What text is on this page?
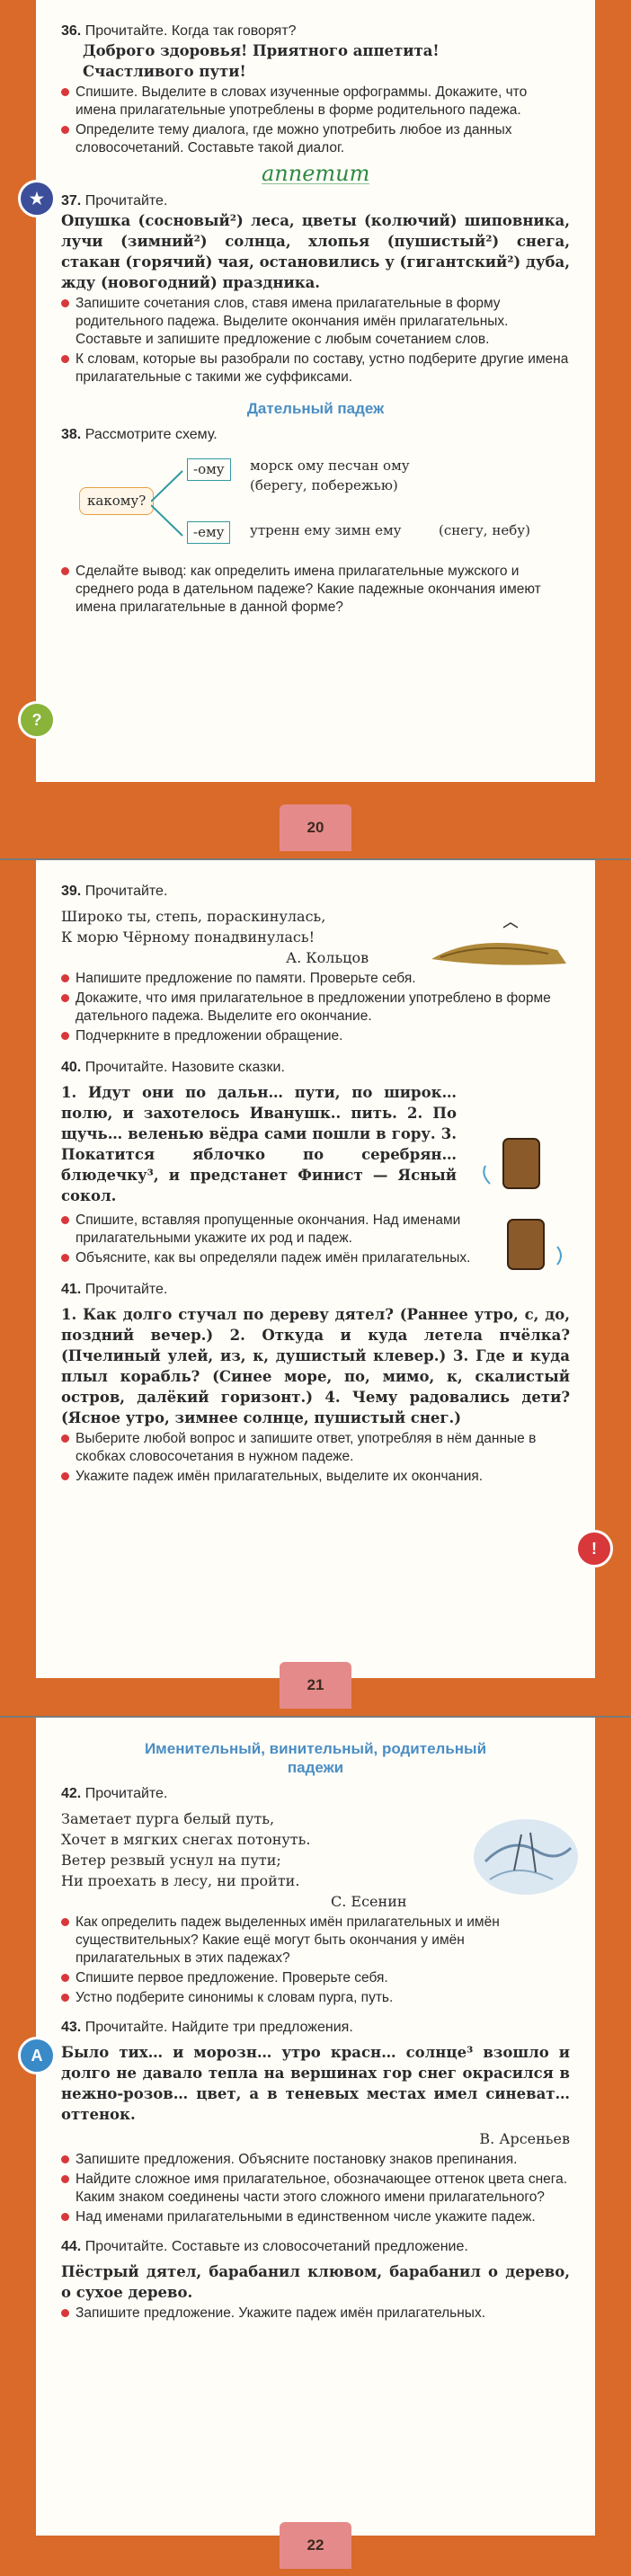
★
?
36. Прочитайте. Когда так говорят?
Доброго здоровья! Приятного аппетита!
Счастливого пути!
Спишите. Выделите в словах изученные орфограммы. Докажите, что имена прилагательные употреблены в форме родительного падежа.
Определите тему диалога, где можно употребить любое из данных словосочетаний. Составьте такой диалог.
аппетит
37. Прочитайте.
Опушка (сосновый²) леса, цветы (колючий) шиповника, лучи (зимний²) солнца, хлопья (пушистый²) снега, стакан (горячий) чая, остановились у (гигантский²) дуба, жду (новогодний) праздника.
Запишите сочетания слов, ставя имена прилагательные в форму родительного падежа. Выделите окончания имён прилагательных. Составьте и запишите предложение с любым сочетанием слов.
К словам, которые вы разобрали по составу, устно подберите другие имена прилагательные с такими же суффиксами.
Дательный падеж
38. Рассмотрите схему.
какому?
-ому
-ему
морск ому песчан ому
(берегу, побережью)
утренн ему зимн ему	(снегу, небу)
Сделайте вывод: как определить имена прилагательные мужского и среднего рода в дательном падеже? Какие падежные окончания имеют имена прилагательные в данной форме?
20
!
39. Прочитайте.
Широко ты, степь, пораскинулась,
К морю Чёрному понадвинулась!
А. Кольцов
Напишите предложение по памяти. Проверьте себя.
Докажите, что имя прилагательное в предложении употреблено в форме дательного падежа. Выделите его окончание.
Подчеркните в предложении обращение.
40. Прочитайте. Назовите сказки.
1. Идут они по дальн… пути, по широк… полю, и захотелось Иванушк.. пить. 2. По щучь… веленью вёдра сами пошли в гору. 3. Покатится яблочко по серебрян… блюдечку³, и предстанет Финист — Ясный сокол.
Спишите, вставляя пропущенные окончания. Над именами прилагательными укажите их род и падеж.
Объясните, как вы определяли падеж имён прилагательных.
41. Прочитайте.
1. Как долго стучал по дереву дятел? (Раннее утро, с, до, поздний вечер.) 2. Откуда и куда летела пчёлка? (Пчелиный улей, из, к, душистый клевер.) 3. Где и куда плыл корабль? (Синее море, по, мимо, к, скалистый остров, далёкий горизонт.) 4. Чему радовались дети? (Ясное утро, зимнее солнце, пушистый снег.)
Выберите любой вопрос и запишите ответ, употребляя в нём данные в скобках словосочетания в нужном падеже.
Укажите падеж имён прилагательных, выделите их окончания.
21
А
Именительный, винительный, родительный падежи
42. Прочитайте.
Заметает пурга белый путь,
Хочет в мягких снегах потонуть.
Ветер резвый уснул на пути;
Ни проехать в лесу, ни пройти.
С. Есенин
Как определить падеж выделенных имён прилагательных и имён существительных? Какие ещё могут быть окончания у имён прилагательных в этих падежах?
Спишите первое предложение. Проверьте себя.
Устно подберите синонимы к словам пурга, путь.
43. Прочитайте. Найдите три предложения.
Было тих… и морозн… утро красн… солнце³ взошло и долго не давало тепла на вершинах гор снег окрасился в нежно-розов… цвет, а в теневых местах имел синеват… оттенок.
В. Арсеньев
Запишите предложения. Объясните постановку знаков препинания.
Найдите сложное имя прилагательное, обозначающее оттенок цвета снега. Каким знаком соединены части этого сложного имени прилагательного?
Над именами прилагательными в единственном числе укажите падеж.
44. Прочитайте. Составьте из словосочетаний предложение.
Пёстрый дятел, барабанил клювом, барабанил о дерево, о сухое дерево.
Запишите предложение. Укажите падеж имён прилагательных.
22
